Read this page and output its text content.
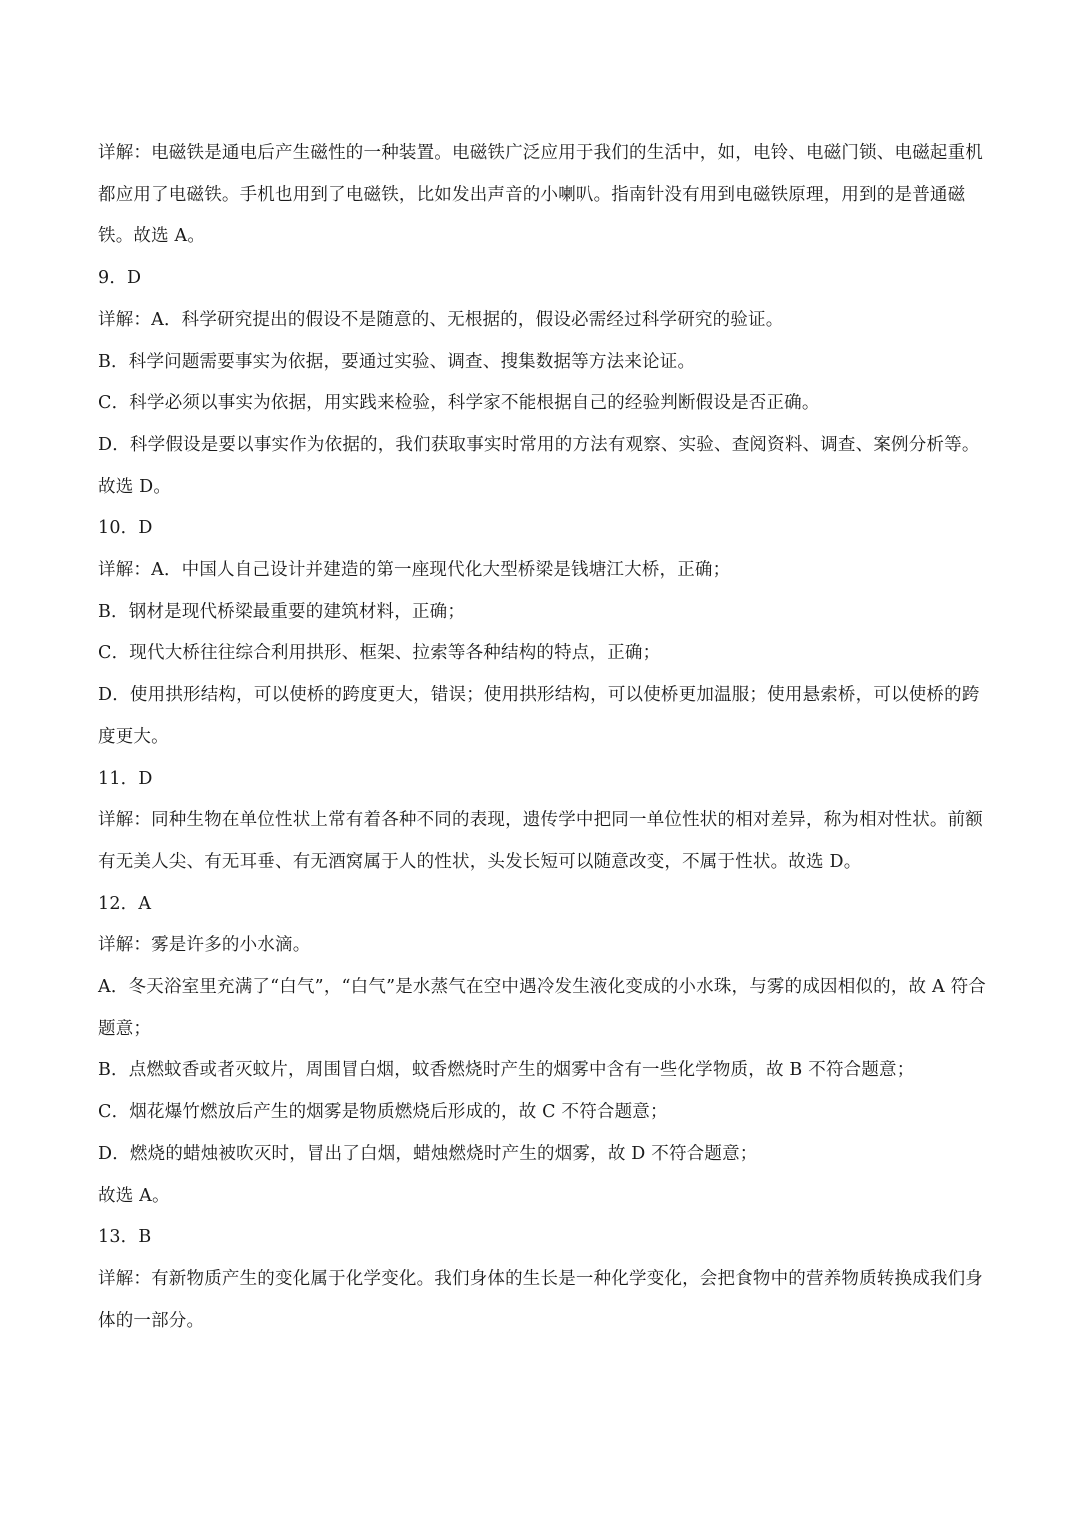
详解：电磁铁是通电后产生磁性的一种装置。电磁铁广泛应用于我们的生活中，如，电铃、电磁门锁、电磁起重机都应用了电磁铁。手机也用到了电磁铁，比如发出声音的小喇叭。指南针没有用到电磁铁原理，用到的是普通磁铁。故选 A。

9．D

详解：A．科学研究提出的假设不是随意的、无根据的，假设必需经过科学研究的验证。

B．科学问题需要事实为依据，要通过实验、调查、搜集数据等方法来论证。

C．科学必须以事实为依据，用实践来检验，科学家不能根据自己的经验判断假设是否正确。

D．科学假设是要以事实作为依据的，我们获取事实时常用的方法有观察、实验、查阅资料、调查、案例分析等。

故选 D。

10．D

详解：A．中国人自己设计并建造的第一座现代化大型桥梁是钱塘江大桥，正确；

B．钢材是现代桥梁最重要的建筑材料，正确；

C．现代大桥往往综合利用拱形、框架、拉索等各种结构的特点，正确；

D．使用拱形结构，可以使桥的跨度更大，错误；使用拱形结构，可以使桥更加温服；使用悬索桥，可以使桥的跨度更大。

11．D

详解：同种生物在单位性状上常有着各种不同的表现，遗传学中把同一单位性状的相对差异，称为相对性状。前额有无美人尖、有无耳垂、有无酒窝属于人的性状，头发长短可以随意改变，不属于性状。故选 D。

12．A

详解：雾是许多的小水滴。

A．冬天浴室里充满了“白气”，“白气”是水蒸气在空中遇冷发生液化变成的小水珠，与雾的成因相似的，故 A 符合题意；

B．点燃蚊香或者灭蚊片，周围冒白烟，蚊香燃烧时产生的烟雾中含有一些化学物质，故 B 不符合题意；

C．烟花爆竹燃放后产生的烟雾是物质燃烧后形成的，故 C 不符合题意；

D．燃烧的蜡烛被吹灭时，冒出了白烟，蜡烛燃烧时产生的烟雾，故 D 不符合题意；

故选 A。

13．B

详解：有新物质产生的变化属于化学变化。我们身体的生长是一种化学变化，会把食物中的营养物质转换成我们身体的一部分。
